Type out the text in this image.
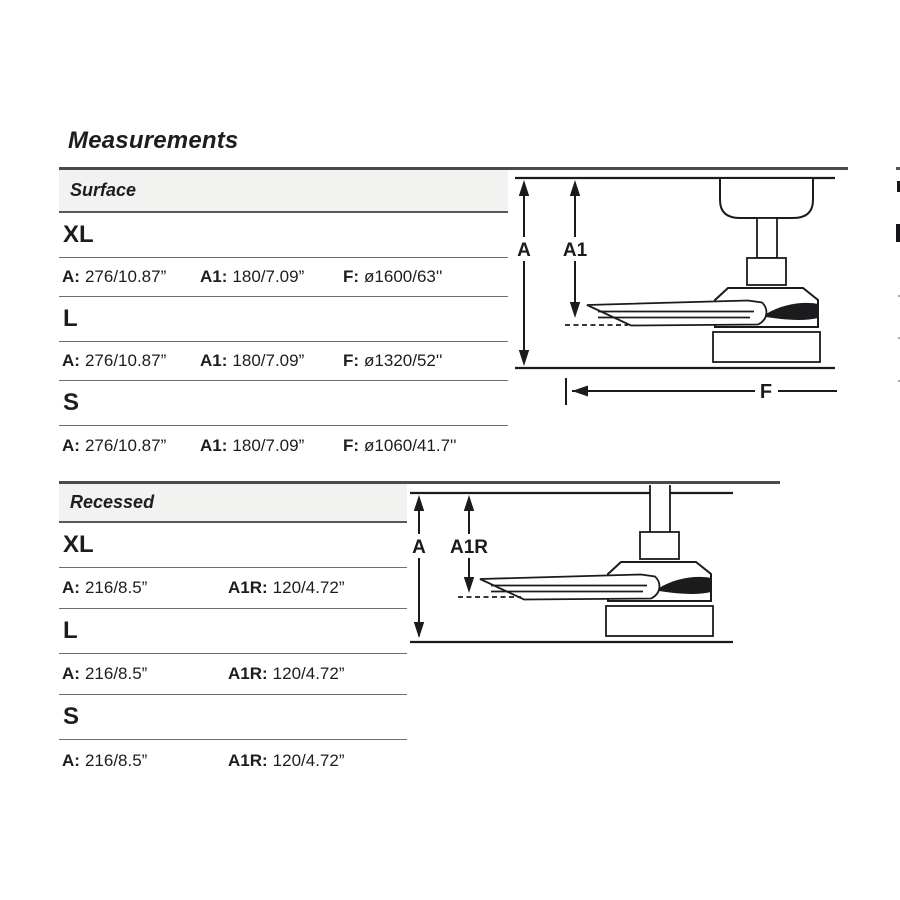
Measurements
Surface
XL
A: 276/10.87” A1: 180/7.09” F: ø1600/63''
L
A: 276/10.87” A1: 180/7.09” F: ø1320/52''
S
A: 276/10.87” A1: 180/7.09” F: ø1060/41.7''
Recessed
XL
A: 216/8.5”	A1R: 120/4.72”
L
A: 216/8.5”	A1R: 120/4.72”
S
A: 216/8.5”	A1R: 120/4.72”
A A1
F
A A1R
